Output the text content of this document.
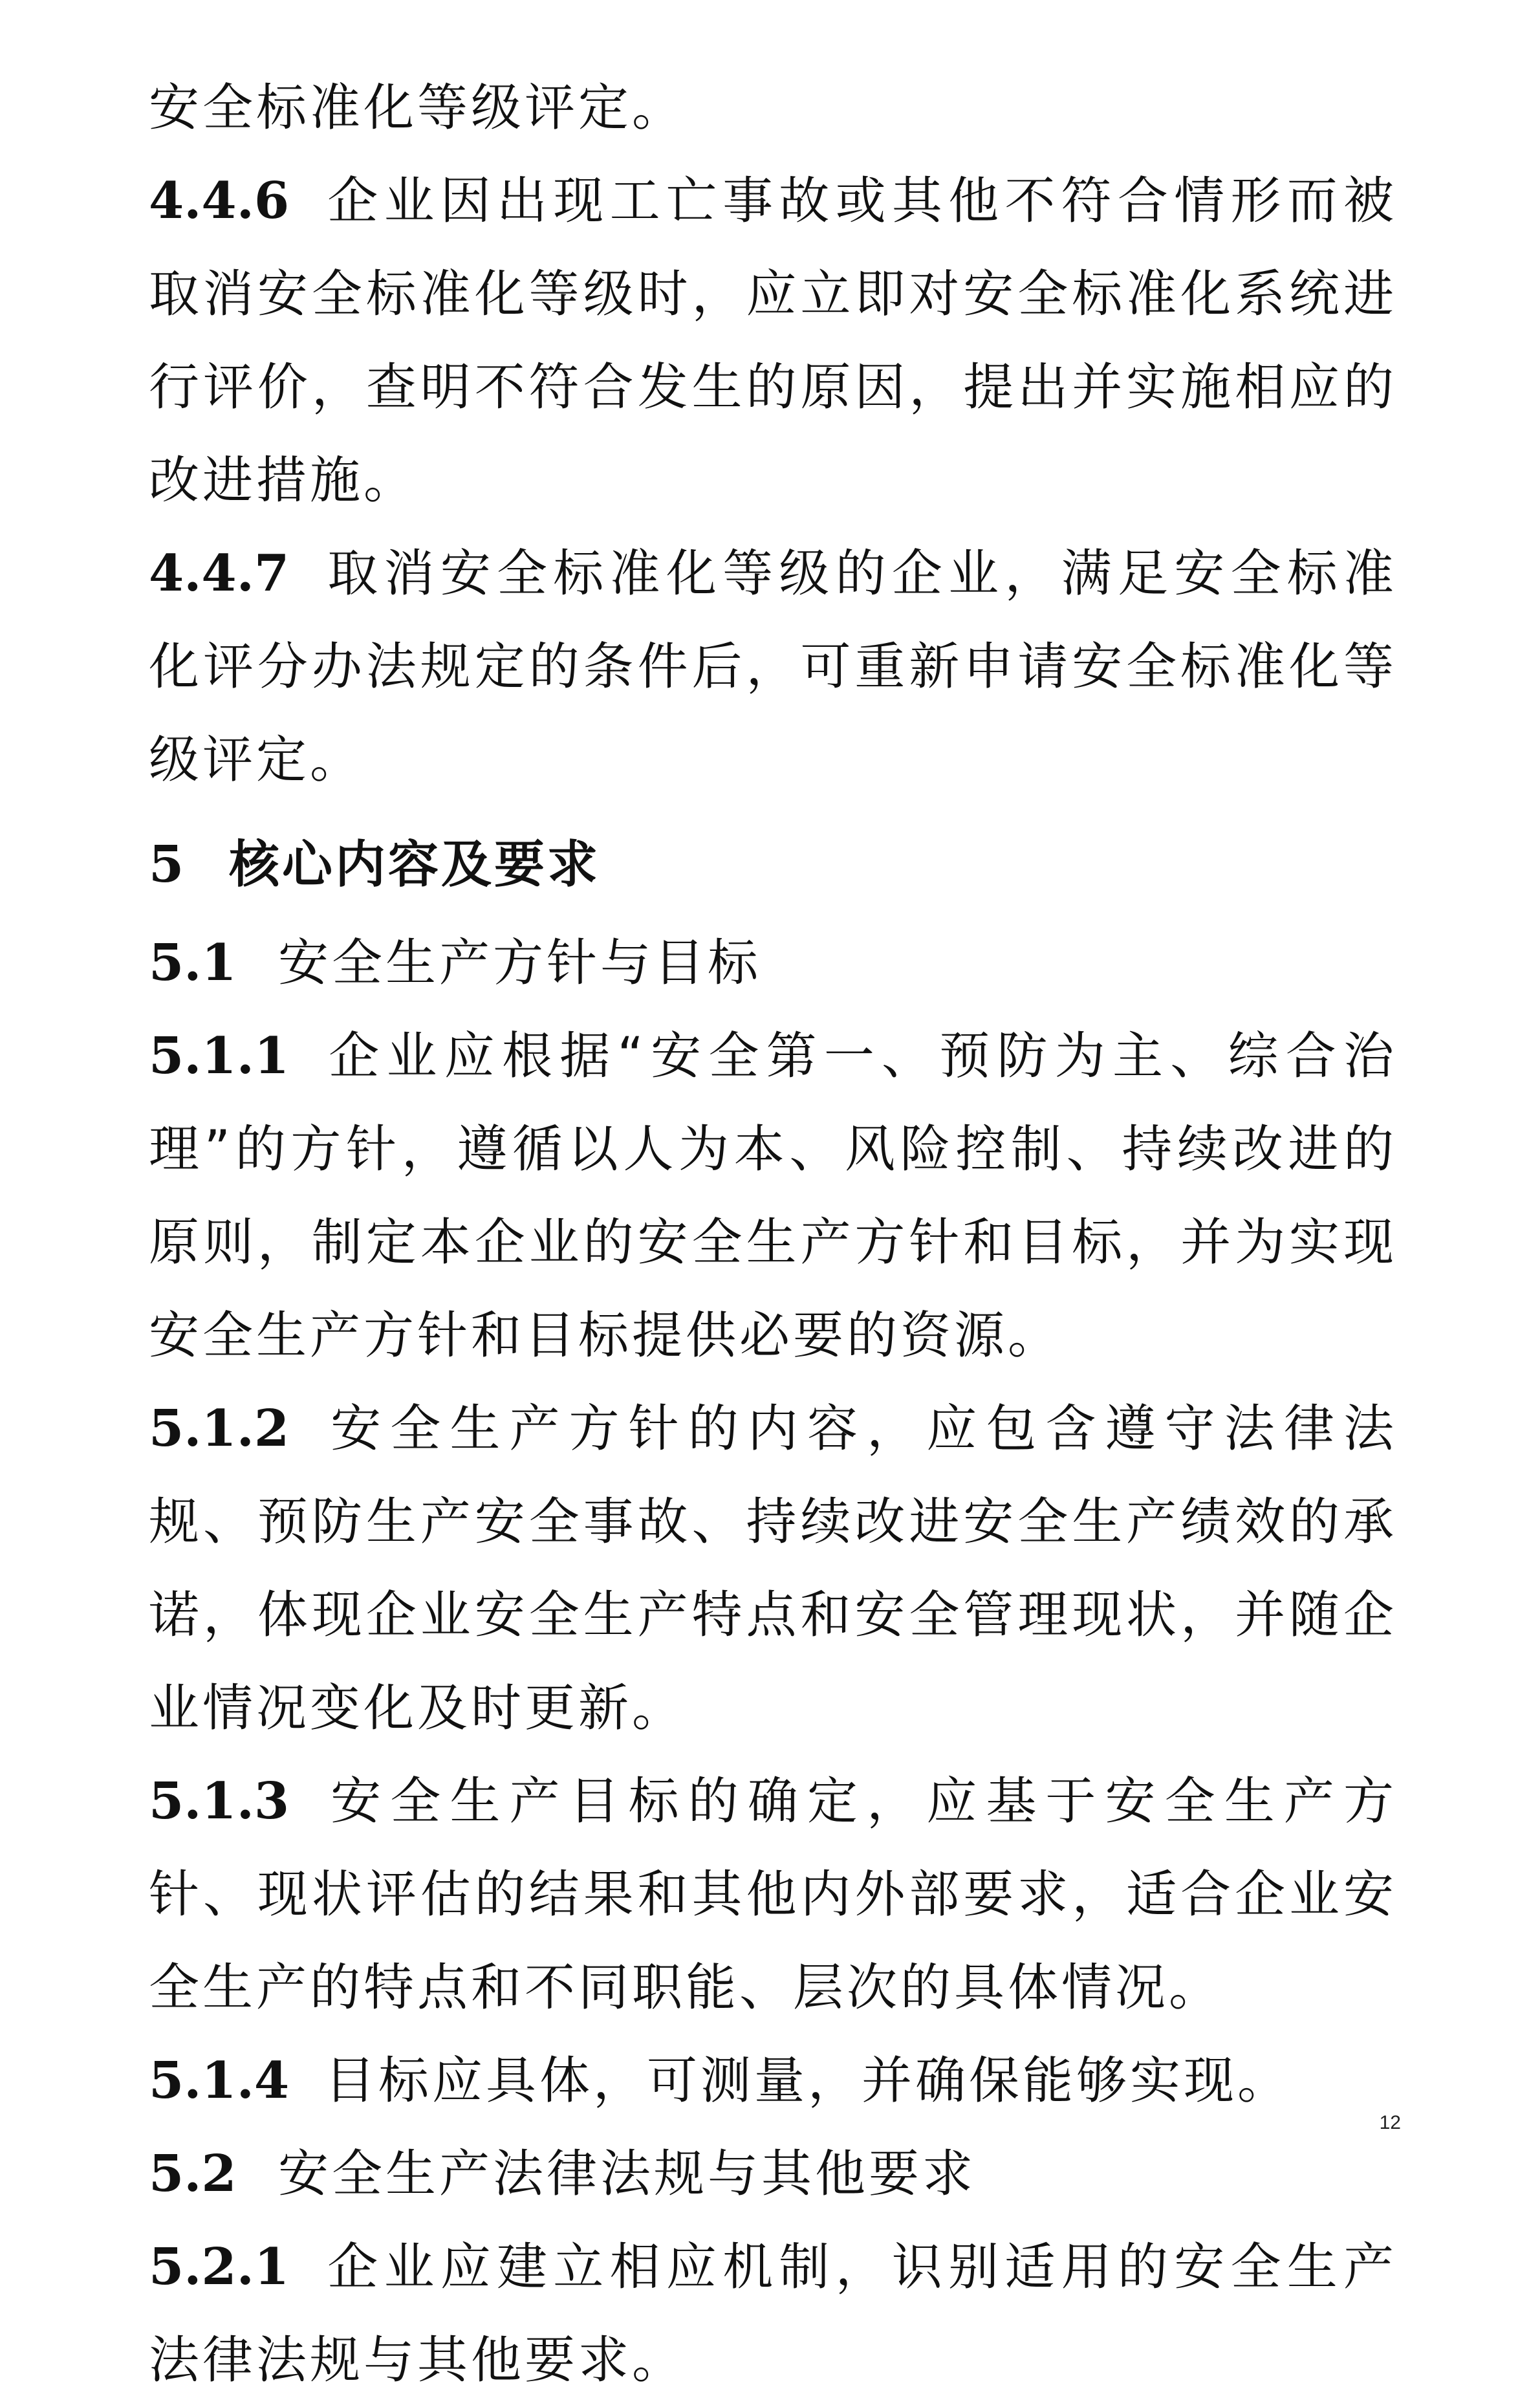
安全标准化等级评定。

4.4.6 企业因出现工亡事故或其他不符合情形而被取消安全标准化等级时，应立即对安全标准化系统进行评价，查明不符合发生的原因，提出并实施相应的改进措施。

4.4.7 取消安全标准化等级的企业，满足安全标准化评分办法规定的条件后，可重新申请安全标准化等级评定。

5 核心内容及要求

5.1 安全生产方针与目标

5.1.1 企业应根据“安全第一、预防为主、综合治理”的方针，遵循以人为本、风险控制、持续改进的原则，制定本企业的安全生产方针和目标，并为实现安全生产方针和目标提供必要的资源。

5.1.2 安全生产方针的内容，应包含遵守法律法规、预防生产安全事故、持续改进安全生产绩效的承诺，体现企业安全生产特点和安全管理现状，并随企业情况变化及时更新。

5.1.3 安全生产目标的确定，应基于安全生产方针、现状评估的结果和其他内外部要求，适合企业安全生产的特点和不同职能、层次的具体情况。

5.1.4 目标应具体，可测量，并确保能够实现。

5.2 安全生产法律法规与其他要求

5.2.1 企业应建立相应机制，识别适用的安全生产法律法规与其他要求。

12
